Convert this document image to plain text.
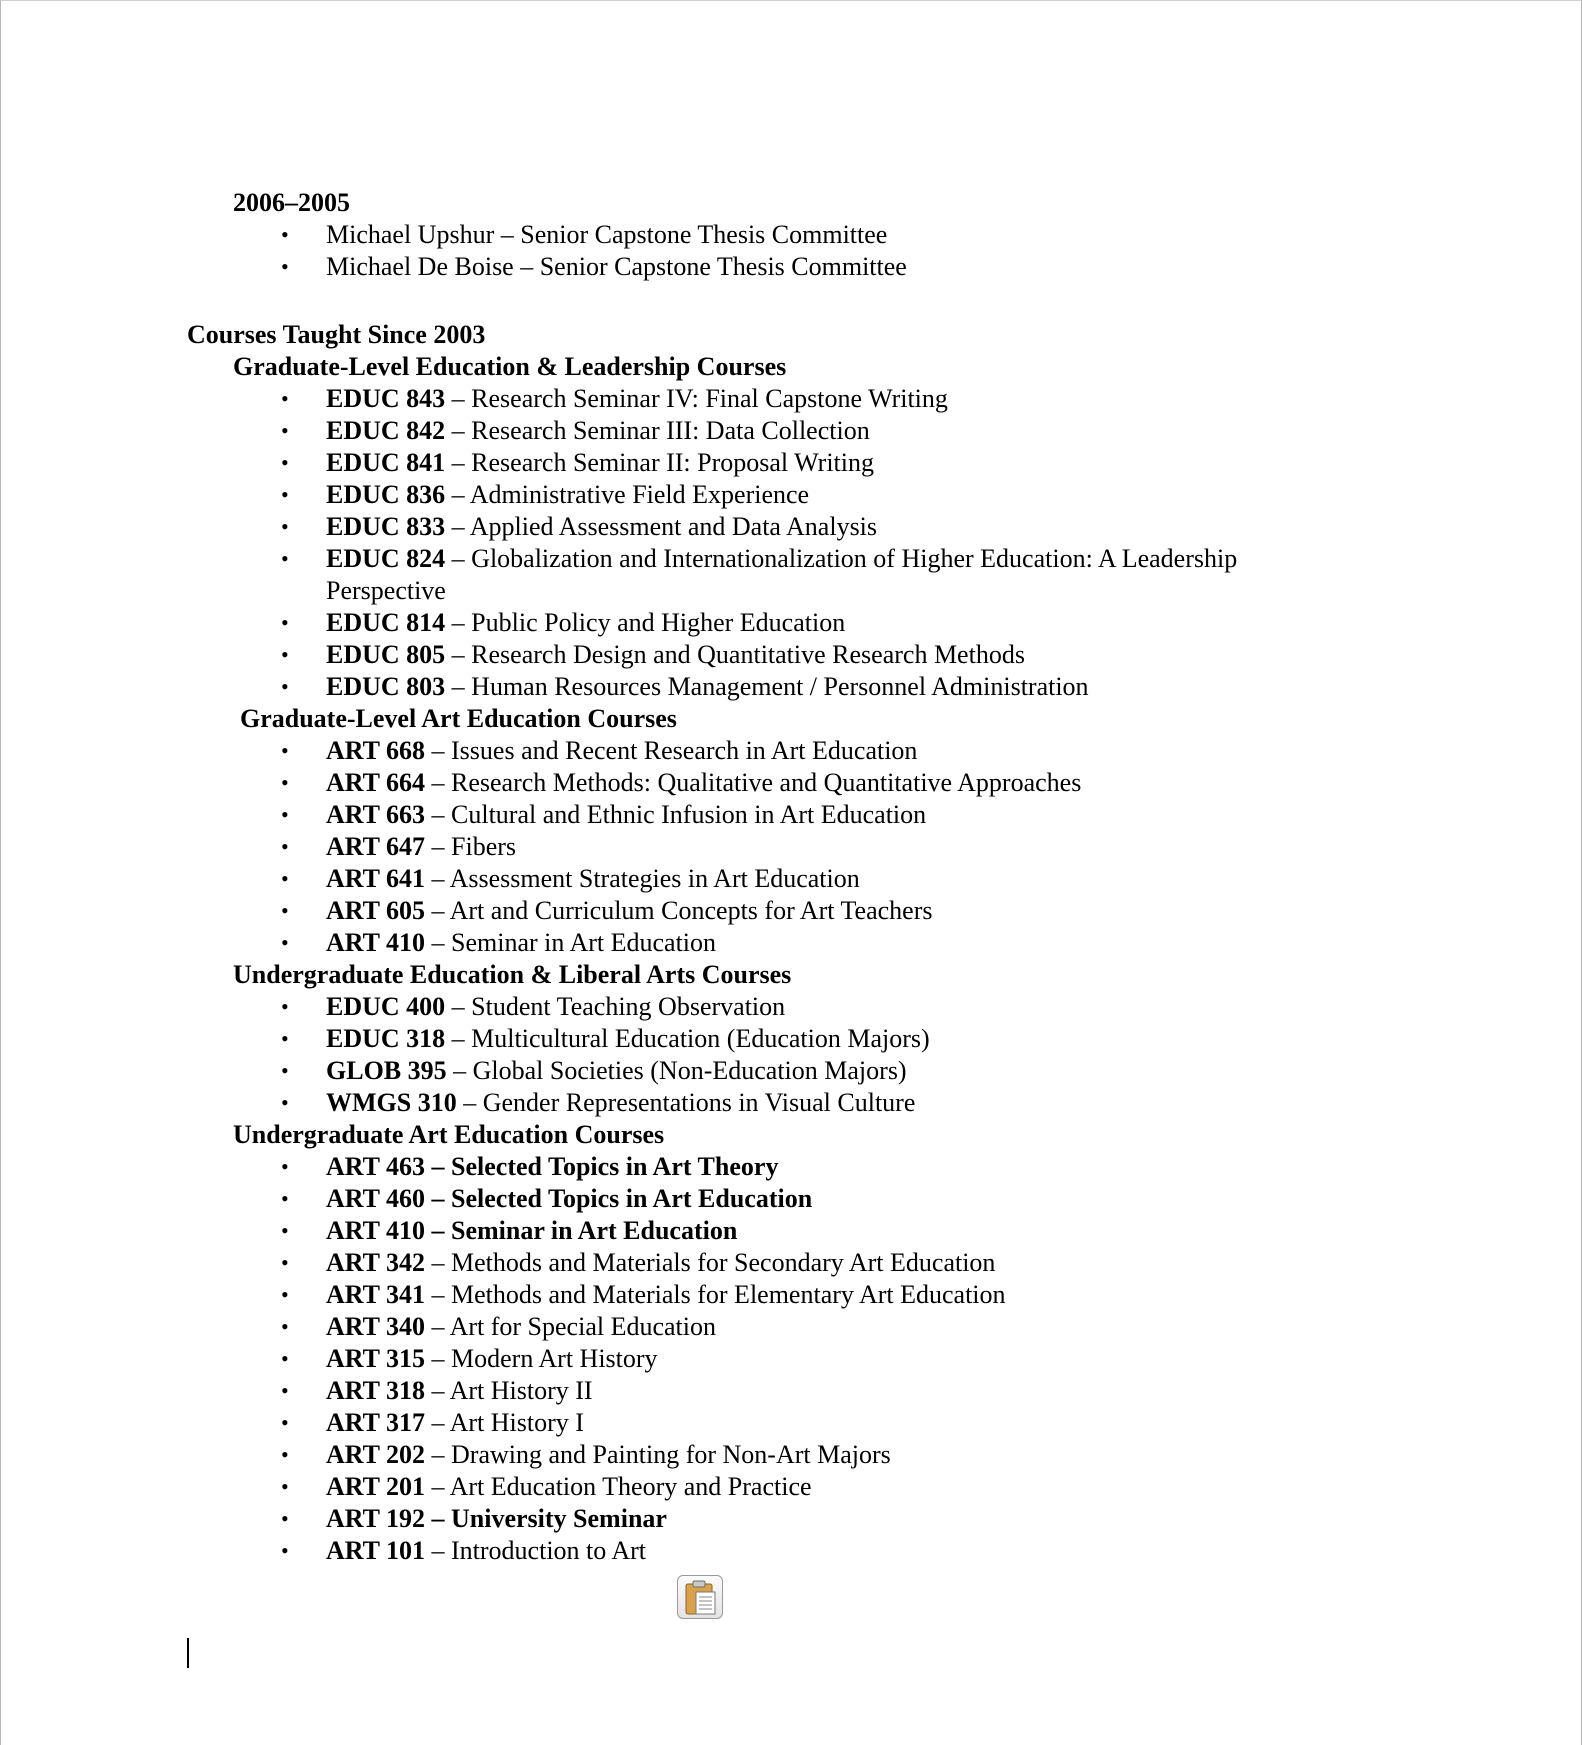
2006–2005
• Michael Upshur – Senior Capstone Thesis Committee
• Michael De Boise – Senior Capstone Thesis Committee
Courses Taught Since 2003
Graduate-Level Education & Leadership Courses
• EDUC 843 – Research Seminar IV: Final Capstone Writing
• EDUC 842 – Research Seminar III: Data Collection
• EDUC 841 – Research Seminar II: Proposal Writing
• EDUC 836 – Administrative Field Experience
• EDUC 833 – Applied Assessment and Data Analysis
• EDUC 824 – Globalization and Internationalization of Higher Education: A Leadership Perspective
• EDUC 814 – Public Policy and Higher Education
• EDUC 805 – Research Design and Quantitative Research Methods
• EDUC 803 – Human Resources Management / Personnel Administration
Graduate-Level Art Education Courses
• ART 668 – Issues and Recent Research in Art Education
• ART 664 – Research Methods: Qualitative and Quantitative Approaches
• ART 663 – Cultural and Ethnic Infusion in Art Education
• ART 647 – Fibers
• ART 641 – Assessment Strategies in Art Education
• ART 605 – Art and Curriculum Concepts for Art Teachers
• ART 410 – Seminar in Art Education
Undergraduate Education & Liberal Arts Courses
• EDUC 400 – Student Teaching Observation
• EDUC 318 – Multicultural Education (Education Majors)
• GLOB 395 – Global Societies (Non-Education Majors)
• WMGS 310 – Gender Representations in Visual Culture
Undergraduate Art Education Courses
• ART 463 – Selected Topics in Art Theory
• ART 460 – Selected Topics in Art Education
• ART 410 – Seminar in Art Education
• ART 342 – Methods and Materials for Secondary Art Education
• ART 341 – Methods and Materials for Elementary Art Education
• ART 340 – Art for Special Education
• ART 315 – Modern Art History
• ART 318 – Art History II
• ART 317 – Art History I
• ART 202 – Drawing and Painting for Non-Art Majors
• ART 201 – Art Education Theory and Practice
• ART 192 – University Seminar
• ART 101 – Introduction to Art
